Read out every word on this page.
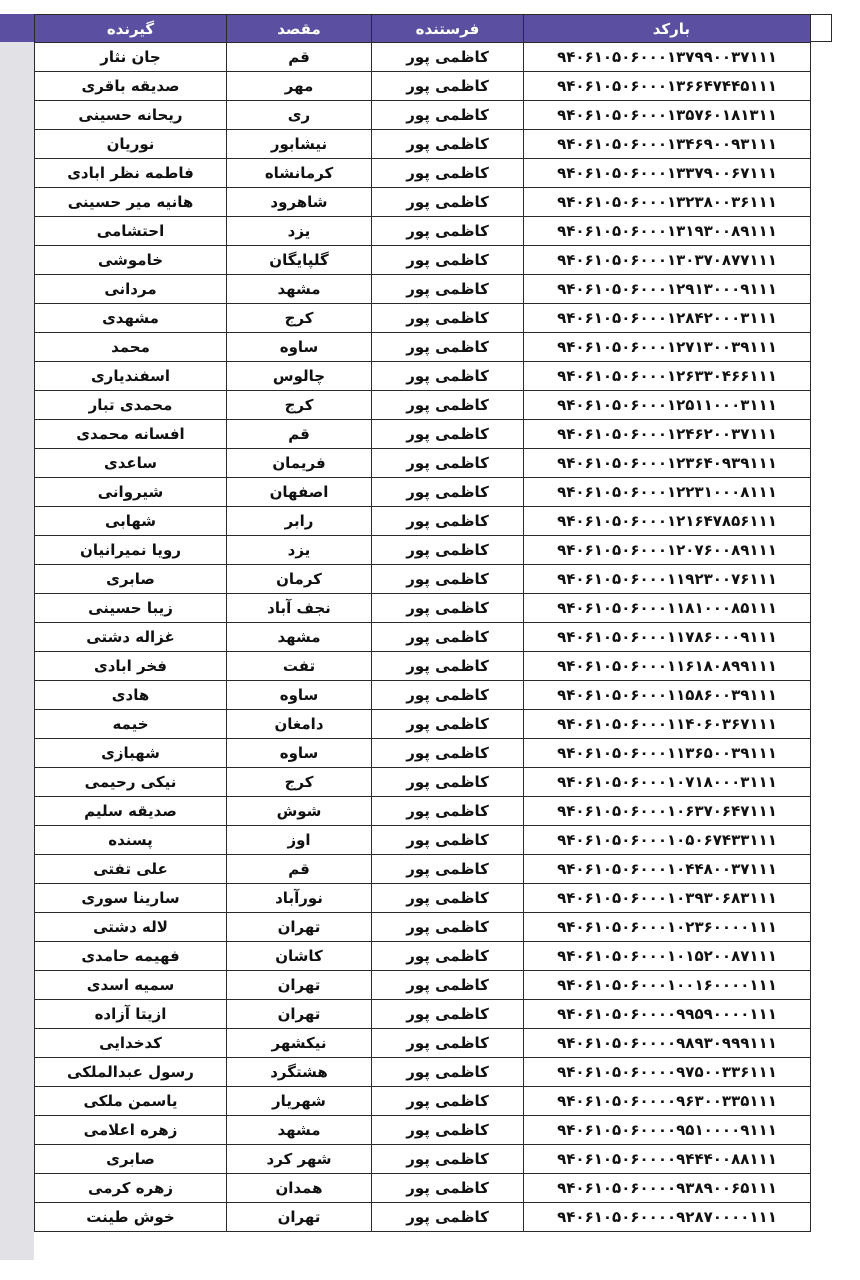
گیرنده	مقصد	فرستنده	بارکد
جان نثار	قم	کاظمی پور	۹۴۰۶۱۰۵۰۶۰۰۰۱۳۷۹۹۰۰۳۷۱۱۱
صدیقه باقری	مهر	کاظمی پور	۹۴۰۶۱۰۵۰۶۰۰۰۱۳۶۶۴۷۴۴۵۱۱۱
ریحانه حسینی	ری	کاظمی پور	۹۴۰۶۱۰۵۰۶۰۰۰۱۳۵۷۶۰۱۸۱۳۱۱
نوریان	نیشابور	کاظمی پور	۹۴۰۶۱۰۵۰۶۰۰۰۱۳۴۶۹۰۰۹۳۱۱۱
فاطمه نظر ابادی	کرمانشاه	کاظمی پور	۹۴۰۶۱۰۵۰۶۰۰۰۱۳۳۷۹۰۰۶۷۱۱۱
هانیه میر حسینی	شاهرود	کاظمی پور	۹۴۰۶۱۰۵۰۶۰۰۰۱۳۲۳۸۰۰۳۶۱۱۱
احتشامی	یزد	کاظمی پور	۹۴۰۶۱۰۵۰۶۰۰۰۱۳۱۹۳۰۰۸۹۱۱۱
خاموشی	گلپایگان	کاظمی پور	۹۴۰۶۱۰۵۰۶۰۰۰۱۳۰۳۷۰۸۷۷۱۱۱
مردانی	مشهد	کاظمی پور	۹۴۰۶۱۰۵۰۶۰۰۰۱۲۹۱۳۰۰۰۹۱۱۱
مشهدی	کرج	کاظمی پور	۹۴۰۶۱۰۵۰۶۰۰۰۱۲۸۴۲۰۰۰۳۱۱۱
محمد	ساوه	کاظمی پور	۹۴۰۶۱۰۵۰۶۰۰۰۱۲۷۱۳۰۰۳۹۱۱۱
اسفندیاری	چالوس	کاظمی پور	۹۴۰۶۱۰۵۰۶۰۰۰۱۲۶۳۳۰۴۶۶۱۱۱
محمدی تبار	کرج	کاظمی پور	۹۴۰۶۱۰۵۰۶۰۰۰۱۲۵۱۱۰۰۰۳۱۱۱
افسانه محمدی	قم	کاظمی پور	۹۴۰۶۱۰۵۰۶۰۰۰۱۲۴۶۲۰۰۳۷۱۱۱
ساعدی	فریمان	کاظمی پور	۹۴۰۶۱۰۵۰۶۰۰۰۱۲۳۶۴۰۹۳۹۱۱۱
شیروانی	اصفهان	کاظمی پور	۹۴۰۶۱۰۵۰۶۰۰۰۱۲۲۳۱۰۰۰۸۱۱۱
شهابی	رابر	کاظمی پور	۹۴۰۶۱۰۵۰۶۰۰۰۱۲۱۶۴۷۸۵۶۱۱۱
رویا نمیرانیان	یزد	کاظمی پور	۹۴۰۶۱۰۵۰۶۰۰۰۱۲۰۷۶۰۰۸۹۱۱۱
صابری	کرمان	کاظمی پور	۹۴۰۶۱۰۵۰۶۰۰۰۱۱۹۲۳۰۰۷۶۱۱۱
زیبا حسینی	نجف آباد	کاظمی پور	۹۴۰۶۱۰۵۰۶۰۰۰۱۱۸۱۰۰۰۸۵۱۱۱
غزاله دشتی	مشهد	کاظمی پور	۹۴۰۶۱۰۵۰۶۰۰۰۱۱۷۸۶۰۰۰۹۱۱۱
فخر ابادی	تفت	کاظمی پور	۹۴۰۶۱۰۵۰۶۰۰۰۱۱۶۱۸۰۸۹۹۱۱۱
هادی	ساوه	کاظمی پور	۹۴۰۶۱۰۵۰۶۰۰۰۱۱۵۸۶۰۰۳۹۱۱۱
خیمه	دامغان	کاظمی پور	۹۴۰۶۱۰۵۰۶۰۰۰۱۱۴۰۶۰۳۶۷۱۱۱
شهبازی	ساوه	کاظمی پور	۹۴۰۶۱۰۵۰۶۰۰۰۱۱۳۶۵۰۰۳۹۱۱۱
نیکی رحیمی	کرج	کاظمی پور	۹۴۰۶۱۰۵۰۶۰۰۰۱۰۷۱۸۰۰۰۳۱۱۱
صدیقه سلیم	شوش	کاظمی پور	۹۴۰۶۱۰۵۰۶۰۰۰۱۰۶۳۷۰۶۴۷۱۱۱
پسنده	اوز	کاظمی پور	۹۴۰۶۱۰۵۰۶۰۰۰۱۰۵۰۶۷۴۳۳۱۱۱
علی تفتی	قم	کاظمی پور	۹۴۰۶۱۰۵۰۶۰۰۰۱۰۴۴۸۰۰۳۷۱۱۱
سارینا سوری	نورآباد	کاظمی پور	۹۴۰۶۱۰۵۰۶۰۰۰۱۰۳۹۳۰۶۸۳۱۱۱
لاله دشتی	تهران	کاظمی پور	۹۴۰۶۱۰۵۰۶۰۰۰۱۰۲۳۶۰۰۰۰۱۱۱
فهیمه حامدی	کاشان	کاظمی پور	۹۴۰۶۱۰۵۰۶۰۰۰۱۰۱۵۲۰۰۸۷۱۱۱
سمیه اسدی	تهران	کاظمی پور	۹۴۰۶۱۰۵۰۶۰۰۰۱۰۰۱۶۰۰۰۰۱۱۱
ازیتا آزاده	تهران	کاظمی پور	۹۴۰۶۱۰۵۰۶۰۰۰۰۹۹۵۹۰۰۰۰۱۱۱
کدخدایی	نیکشهر	کاظمی پور	۹۴۰۶۱۰۵۰۶۰۰۰۰۹۸۹۳۰۹۹۹۱۱۱
رسول عبدالملکی	هشتگرد	کاظمی پور	۹۴۰۶۱۰۵۰۶۰۰۰۰۹۷۵۰۰۳۳۶۱۱۱
یاسمن ملکی	شهریار	کاظمی پور	۹۴۰۶۱۰۵۰۶۰۰۰۰۹۶۳۰۰۳۳۵۱۱۱
زهره اعلامی	مشهد	کاظمی پور	۹۴۰۶۱۰۵۰۶۰۰۰۰۹۵۱۰۰۰۰۹۱۱۱
صابری	شهر کرد	کاظمی پور	۹۴۰۶۱۰۵۰۶۰۰۰۰۹۴۴۴۰۰۸۸۱۱۱
زهره کرمی	همدان	کاظمی پور	۹۴۰۶۱۰۵۰۶۰۰۰۰۹۳۸۹۰۰۶۵۱۱۱
خوش طینت	تهران	کاظمی پور	۹۴۰۶۱۰۵۰۶۰۰۰۰۹۲۸۷۰۰۰۰۱۱۱
